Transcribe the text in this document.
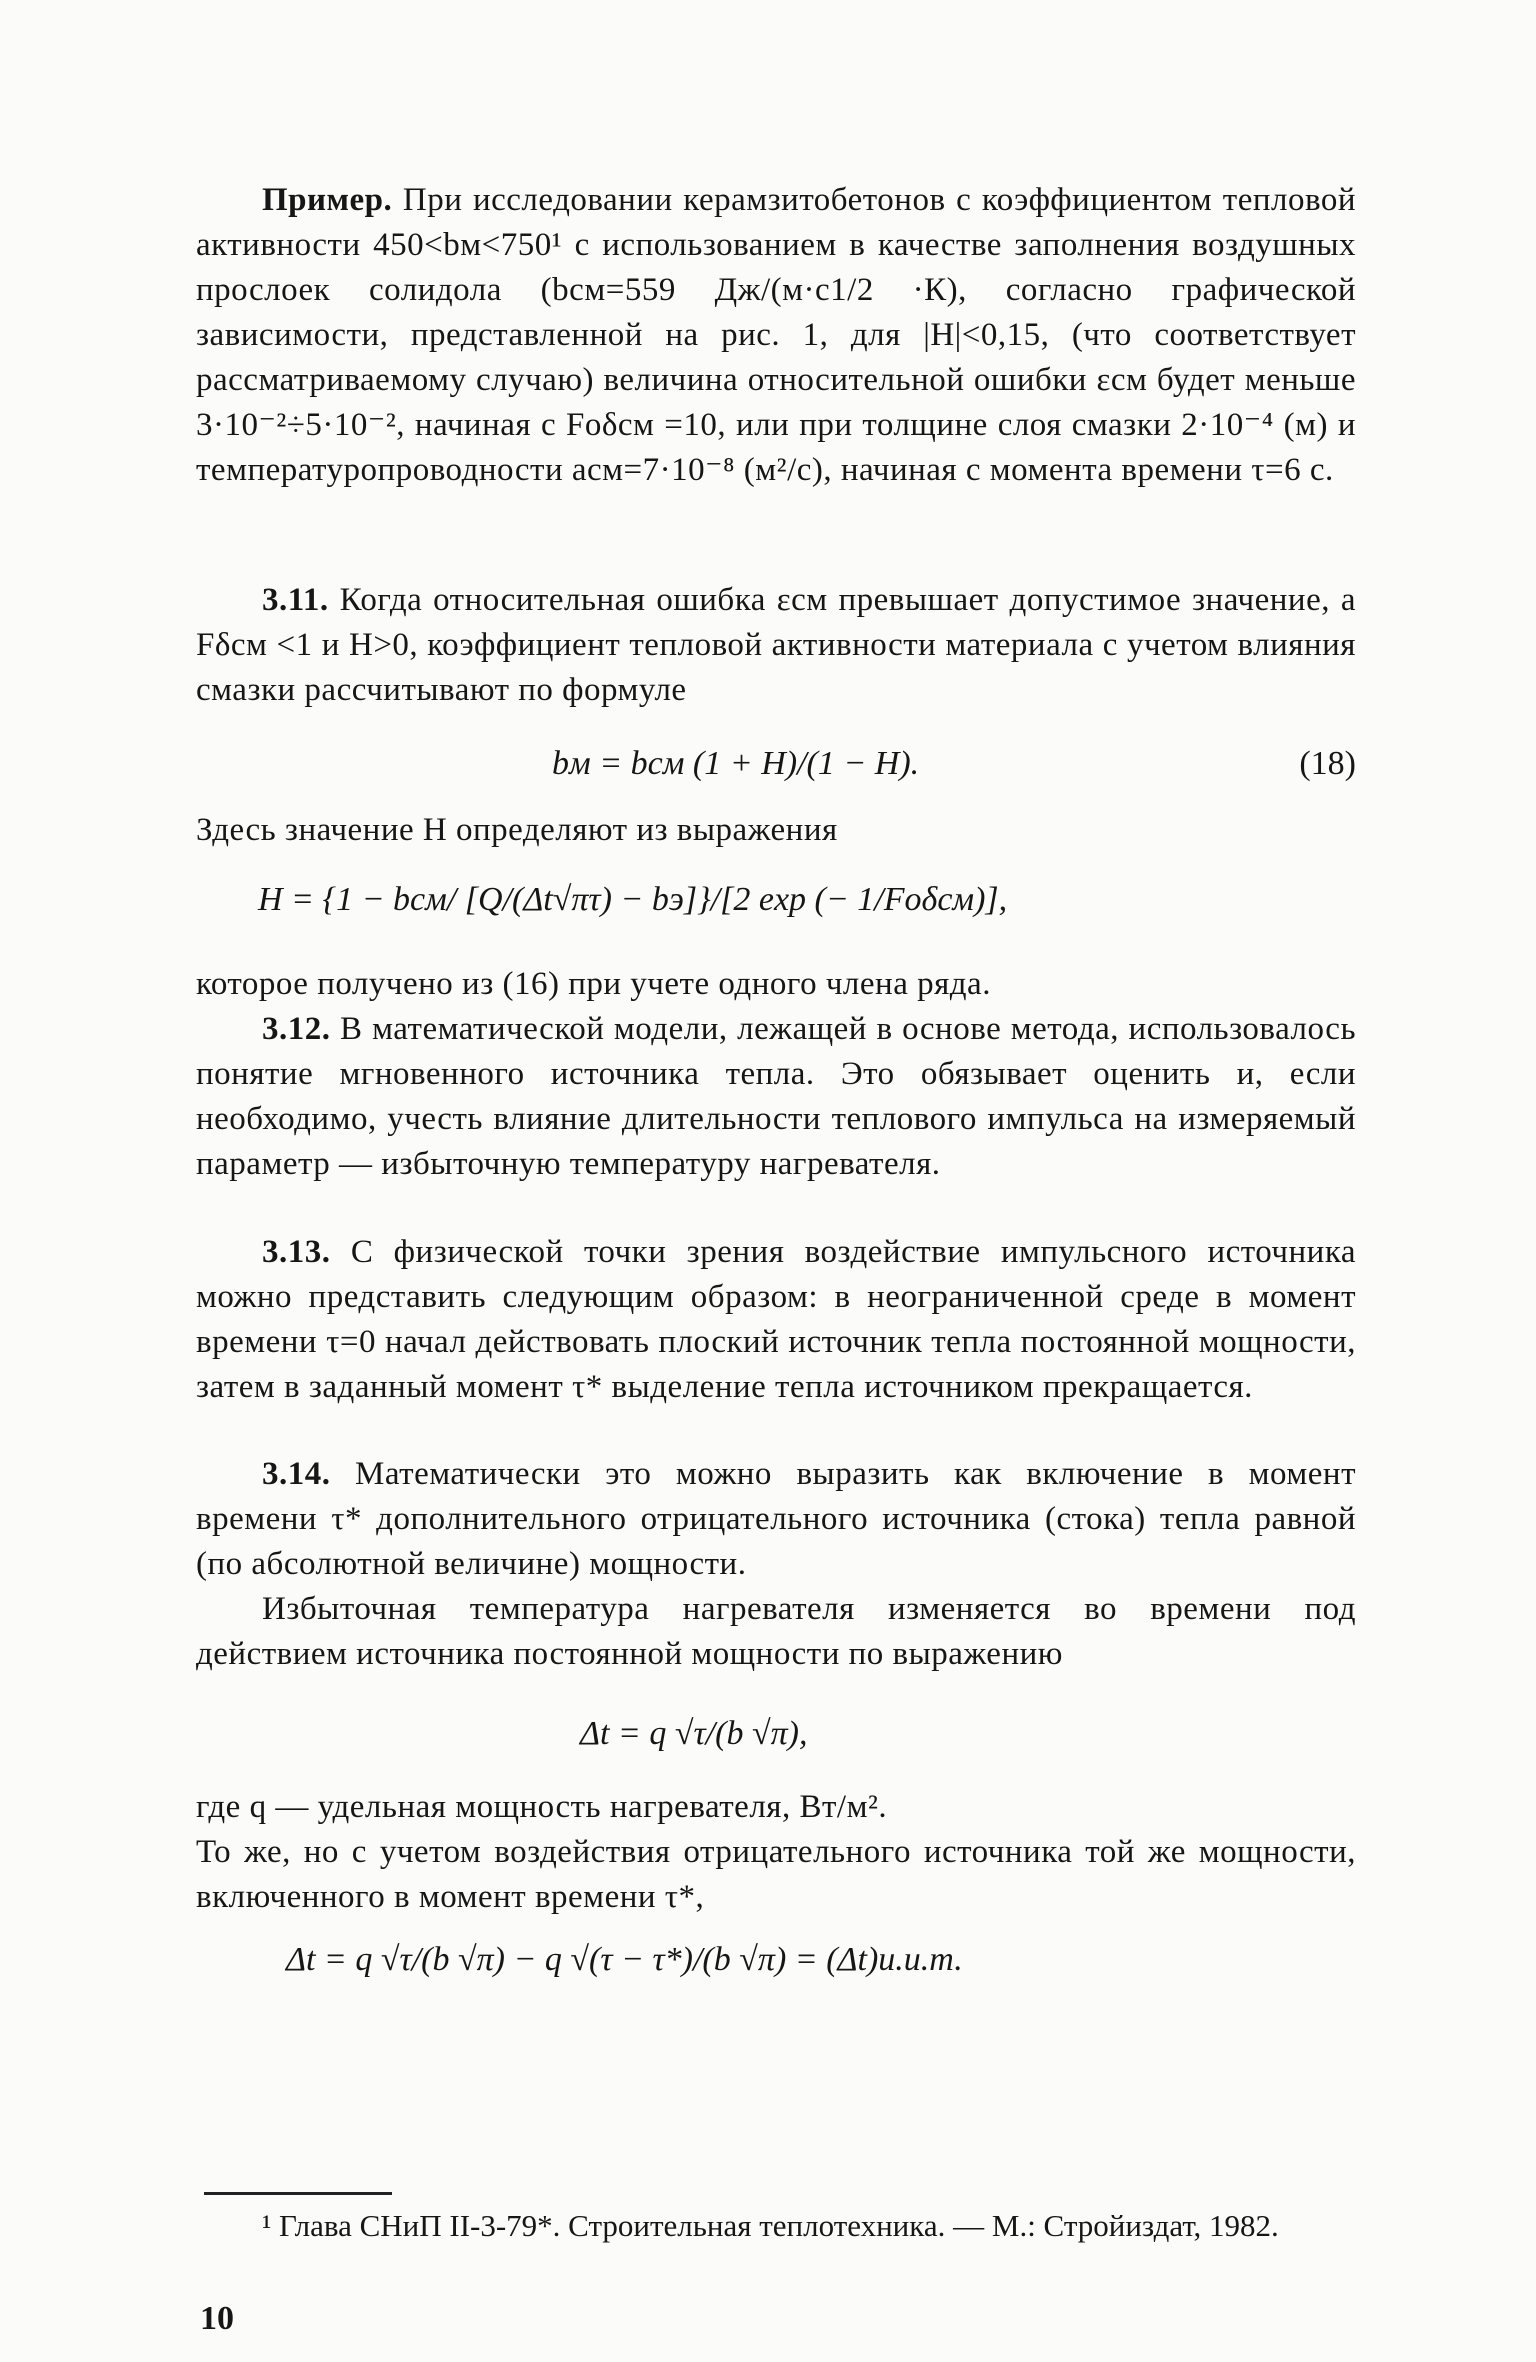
Пример. При исследовании керамзитобетонов с коэффициентом тепловой активности 450<bм<750¹ с использованием в качестве заполнения воздушных прослоек солидола (bсм=559 Дж/(м·с1/2 ·К), согласно графической зависимости, представленной на рис. 1, для |H|<0,15, (что соответствует рассматриваемому случаю) величина относительной ошибки εсм будет меньше 3·10⁻²÷5·10⁻², начиная с Foδсм =10, или при толщине слоя смазки 2·10⁻⁴ (м) и температуропроводности aсм=7·10⁻⁸ (м²/с), начиная с момента времени τ=6 с.
3.11. Когда относительная ошибка εсм превышает допустимое значение, а Fδсм <1 и H>0, коэффициент тепловой активности материала с учетом влияния смазки рассчитывают по формуле
bм = bсм (1 + H)/(1 − H).	(18)
Здесь значение H определяют из выражения
H = {1 − bсм/ [Q/(Δt√πτ) − bэ]}/[2 exp (− 1/Foδсм)],
которое получено из (16) при учете одного члена ряда.
3.12. В математической модели, лежащей в основе метода, использовалось понятие мгновенного источника тепла. Это обязывает оценить и, если необходимо, учесть влияние длительности теплового импульса на измеряемый параметр — избыточную температуру нагревателя.
3.13. С физической точки зрения воздействие импульсного источника можно представить следующим образом: в неограниченной среде в момент времени τ=0 начал действовать плоский источник тепла постоянной мощности, затем в заданный момент τ* выделение тепла источником прекращается.
3.14. Математически это можно выразить как включение в момент времени τ* дополнительного отрицательного источника (стока) тепла равной (по абсолютной величине) мощности.
Избыточная температура нагревателя изменяется во времени под действием источника постоянной мощности по выражению
Δt = q √τ/(b √π),
где q — удельная мощность нагревателя, Вт/м².
То же, но с учетом воздействия отрицательного источника той же мощности, включенного в момент времени τ*,
Δt = q √τ/(b √π) − q √(τ − τ*)/(b √π) = (Δt)и.и.т.
¹ Глава СНиП II-3-79*. Строительная теплотехника. — М.: Стройиздат, 1982.
10
